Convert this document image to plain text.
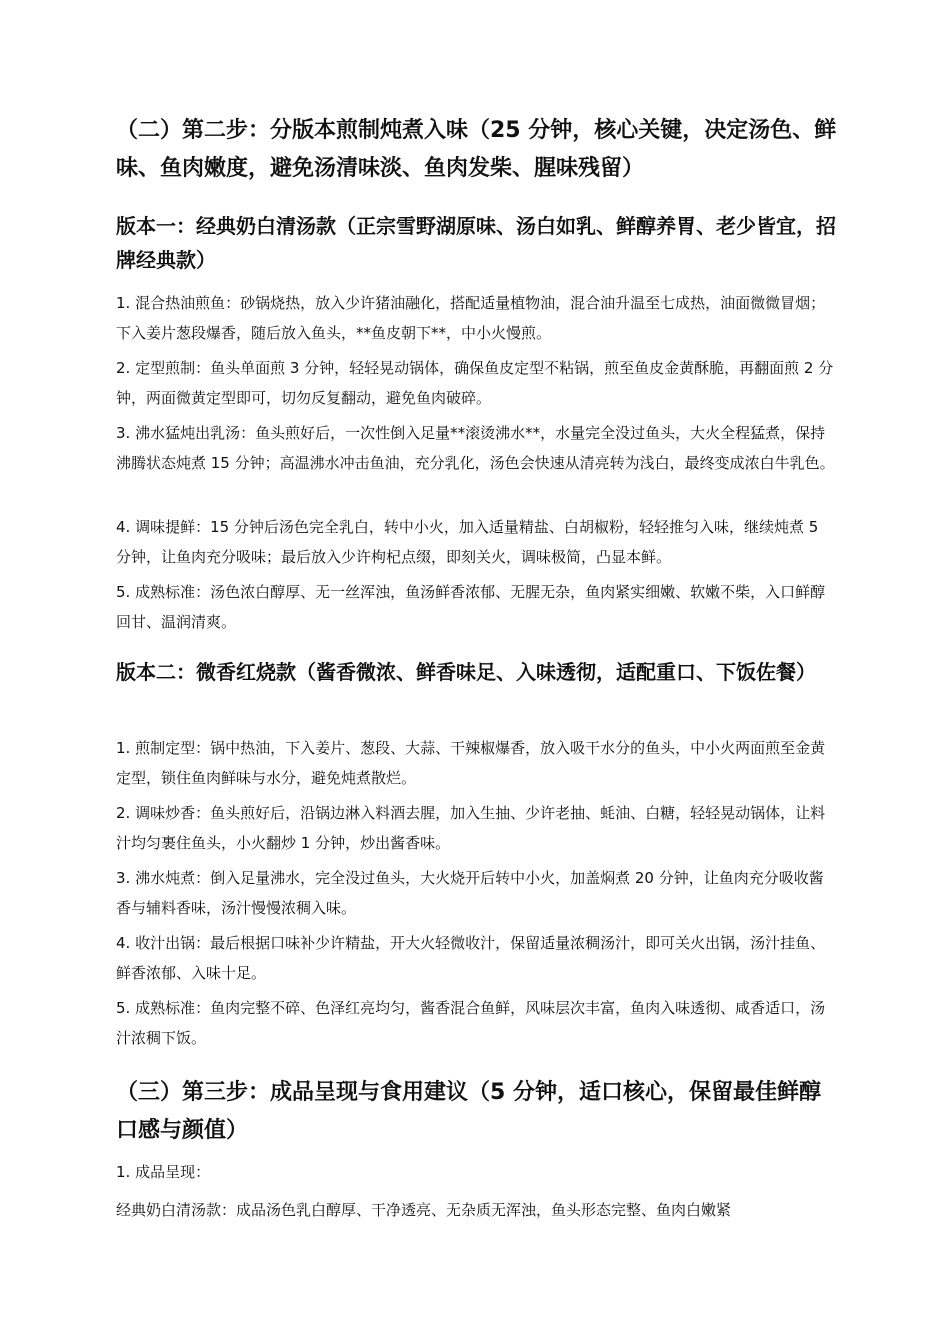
（二）第二步：分版本煎制炖煮入味（25 分钟，核心关键，决定汤色、鲜味、鱼肉嫩度，避免汤清味淡、鱼肉发柴、腥味残留）
版本一：经典奶白清汤款（正宗雪野湖原味、汤白如乳、鲜醇养胃、老少皆宜，招牌经典款）

1. 混合热油煎鱼：砂锅烧热，放入少许猪油融化，搭配适量植物油，混合油升温至七成热，油面微微冒烟；下入姜片葱段爆香，随后放入鱼头，**鱼皮朝下**，中小火慢煎。

2. 定型煎制：鱼头单面煎 3 分钟，轻轻晃动锅体，确保鱼皮定型不粘锅，煎至鱼皮金黄酥脆，再翻面煎 2 分钟，两面微黄定型即可，切勿反复翻动，避免鱼肉破碎。

3. 沸水猛炖出乳汤：鱼头煎好后，一次性倒入足量**滚烫沸水**，水量完全没过鱼头，大火全程猛煮，保持沸腾状态炖煮 15 分钟；高温沸水冲击鱼油，充分乳化，汤色会快速从清亮转为浅白，最终变成浓白牛乳色。

4. 调味提鲜：15 分钟后汤色完全乳白，转中小火，加入适量精盐、白胡椒粉，轻轻推匀入味，继续炖煮 5 分钟，让鱼肉充分吸味；最后放入少许枸杞点缀，即刻关火，调味极简，凸显本鲜。

5. 成熟标准：汤色浓白醇厚、无一丝浑浊，鱼汤鲜香浓郁、无腥无杂，鱼肉紧实细嫩、软嫩不柴，入口鲜醇回甘、温润清爽。

版本二：微香红烧款（酱香微浓、鲜香味足、入味透彻，适配重口、下饭佐餐）

1. 煎制定型：锅中热油，下入姜片、葱段、大蒜、干辣椒爆香，放入吸干水分的鱼头，中小火两面煎至金黄定型，锁住鱼肉鲜味与水分，避免炖煮散烂。

2. 调味炒香：鱼头煎好后，沿锅边淋入料酒去腥，加入生抽、少许老抽、蚝油、白糖，轻轻晃动锅体，让料汁均匀裹住鱼头，小火翻炒 1 分钟，炒出酱香味。

3. 沸水炖煮：倒入足量沸水，完全没过鱼头，大火烧开后转中小火，加盖焖煮 20 分钟，让鱼肉充分吸收酱香与辅料香味，汤汁慢慢浓稠入味。

4. 收汁出锅：最后根据口味补少许精盐，开大火轻微收汁，保留适量浓稠汤汁，即可关火出锅，汤汁挂鱼、鲜香浓郁、入味十足。

5. 成熟标准：鱼肉完整不碎、色泽红亮均匀，酱香混合鱼鲜，风味层次丰富，鱼肉入味透彻、咸香适口，汤汁浓稠下饭。

（三）第三步：成品呈现与食用建议（5 分钟，适口核心，保留最佳鲜醇口感与颜值）

1. 成品呈现：

经典奶白清汤款：成品汤色乳白醇厚、干净透亮、无杂质无浑浊，鱼头形态完整、鱼肉白嫩紧
